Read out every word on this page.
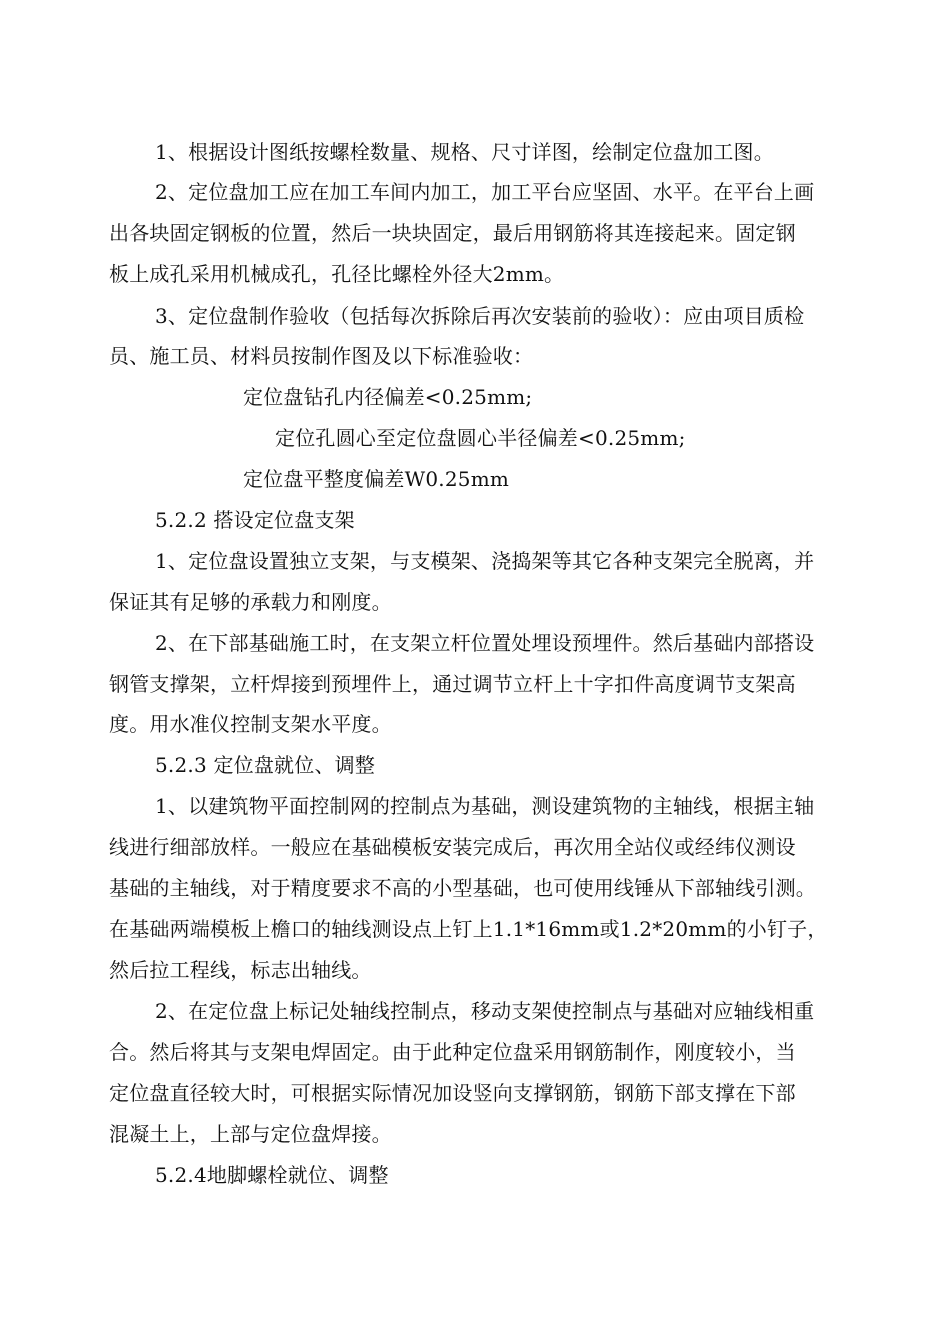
1、根据设计图纸按螺栓数量、规格、尺寸详图，绘制定位盘加工图。
2、定位盘加工应在加工车间内加工，加工平台应坚固、水平。在平台上画
出各块固定钢板的位置，然后一块块固定，最后用钢筋将其连接起来。固定钢
板上成孔采用机械成孔，孔径比螺栓外径大2mm。
3、定位盘制作验收（包括每次拆除后再次安装前的验收）：应由项目质检
员、施工员、材料员按制作图及以下标准验收：
定位盘钻孔内径偏差<0.25mm;
定位孔圆心至定位盘圆心半径偏差<0.25mm;
定位盘平整度偏差W0.25mm
5.2.2 搭设定位盘支架
1、定位盘设置独立支架，与支模架、浇捣架等其它各种支架完全脱离，并
保证其有足够的承载力和刚度。
2、在下部基础施工时，在支架立杆位置处埋设预埋件。然后基础内部搭设
钢管支撑架，立杆焊接到预埋件上，通过调节立杆上十字扣件高度调节支架高
度。用水准仪控制支架水平度。
5.2.3 定位盘就位、调整
1、以建筑物平面控制网的控制点为基础，测设建筑物的主轴线，根据主轴
线进行细部放样。一般应在基础模板安装完成后，再次用全站仪或经纬仪测设
基础的主轴线，对于精度要求不高的小型基础，也可使用线锤从下部轴线引测。
在基础两端模板上檐口的轴线测设点上钉上1.1*16mm或1.2*20mm的小钉子，
然后拉工程线，标志出轴线。
2、在定位盘上标记处轴线控制点，移动支架使控制点与基础对应轴线相重
合。然后将其与支架电焊固定。由于此种定位盘采用钢筋制作，刚度较小，当
定位盘直径较大时，可根据实际情况加设竖向支撑钢筋，钢筋下部支撑在下部
混凝土上，上部与定位盘焊接。
5.2.4地脚螺栓就位、调整
